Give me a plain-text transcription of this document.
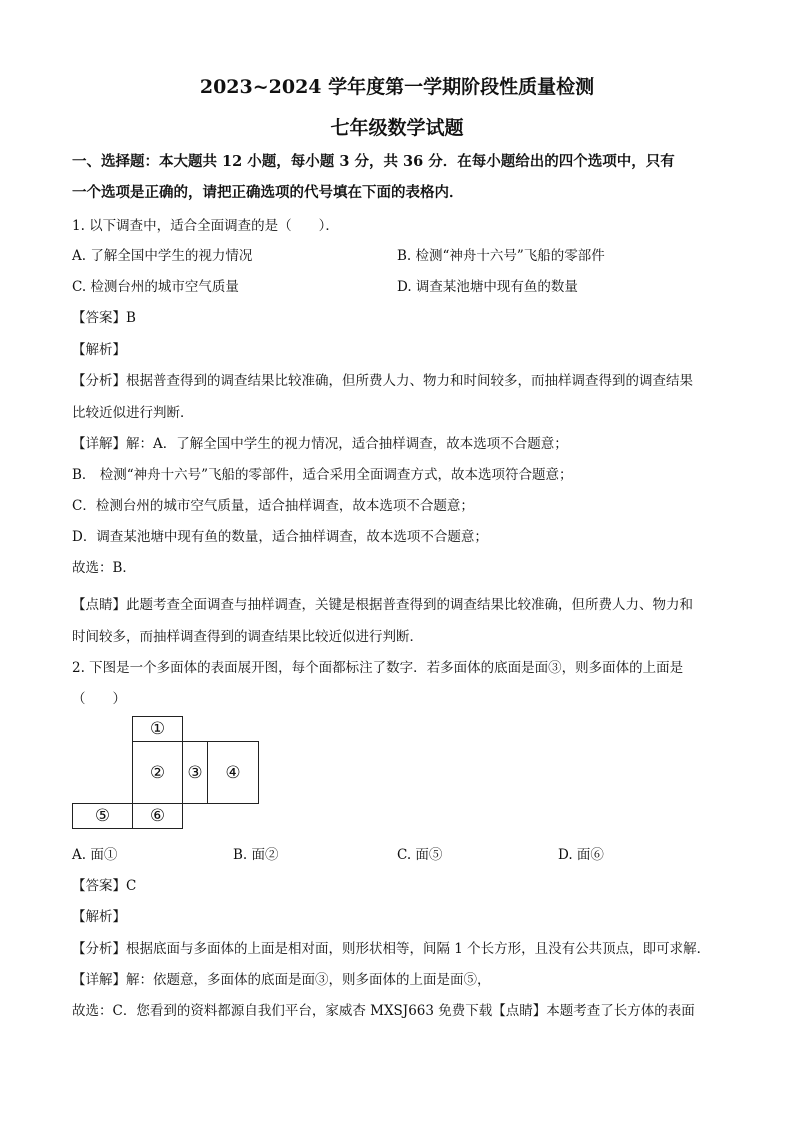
2023~2024 学年度第一学期阶段性质量检测
七年级数学试题
一、选择题：本大题共 12 小题，每小题 3 分，共 36 分．在每小题给出的四个选项中，只有
一个选项是正确的，请把正确选项的代号填在下面的表格内．
1. 以下调查中，适合全面调查的是（　　）．
A. 了解全国中学生的视力情况	B. 检测“神舟十六号”飞船的零部件
C. 检测台州的城市空气质量	D. 调查某池塘中现有鱼的数量
【答案】B
【解析】
【分析】根据普查得到的调查结果比较准确，但所费人力、物力和时间较多，而抽样调查得到的调查结果
比较近似进行判断．
【详解】解：A．了解全国中学生的视力情况，适合抽样调查，故本选项不合题意；
B． 检测“神舟十六号”飞船的零部件，适合采用全面调查方式，故本选项符合题意；
C．检测台州的城市空气质量，适合抽样调查，故本选项不合题意；
D．调查某池塘中现有鱼的数量，适合抽样调查，故本选项不合题意；
故选：B．
【点睛】此题考查全面调查与抽样调查，关键是根据普查得到的调查结果比较准确，但所费人力、物力和
时间较多，而抽样调查得到的调查结果比较近似进行判断．
2. 下图是一个多面体的表面展开图，每个面都标注了数字．若多面体的底面是面③，则多面体的上面是
（　　）
①
②	③	④
⑤	⑥
A. 面①	B. 面②	C. 面⑤	D. 面⑥
【答案】C
【解析】
【分析】根据底面与多面体的上面是相对面，则形状相等，间隔 1 个长方形，且没有公共顶点，即可求解．
【详解】解：依题意，多面体的底面是面③，则多面体的上面是面⑤，
故选：C．您看到的资料都源自我们平台，家威杏 MXSJ663 免费下载【点睛】本题考查了长方体的表面
